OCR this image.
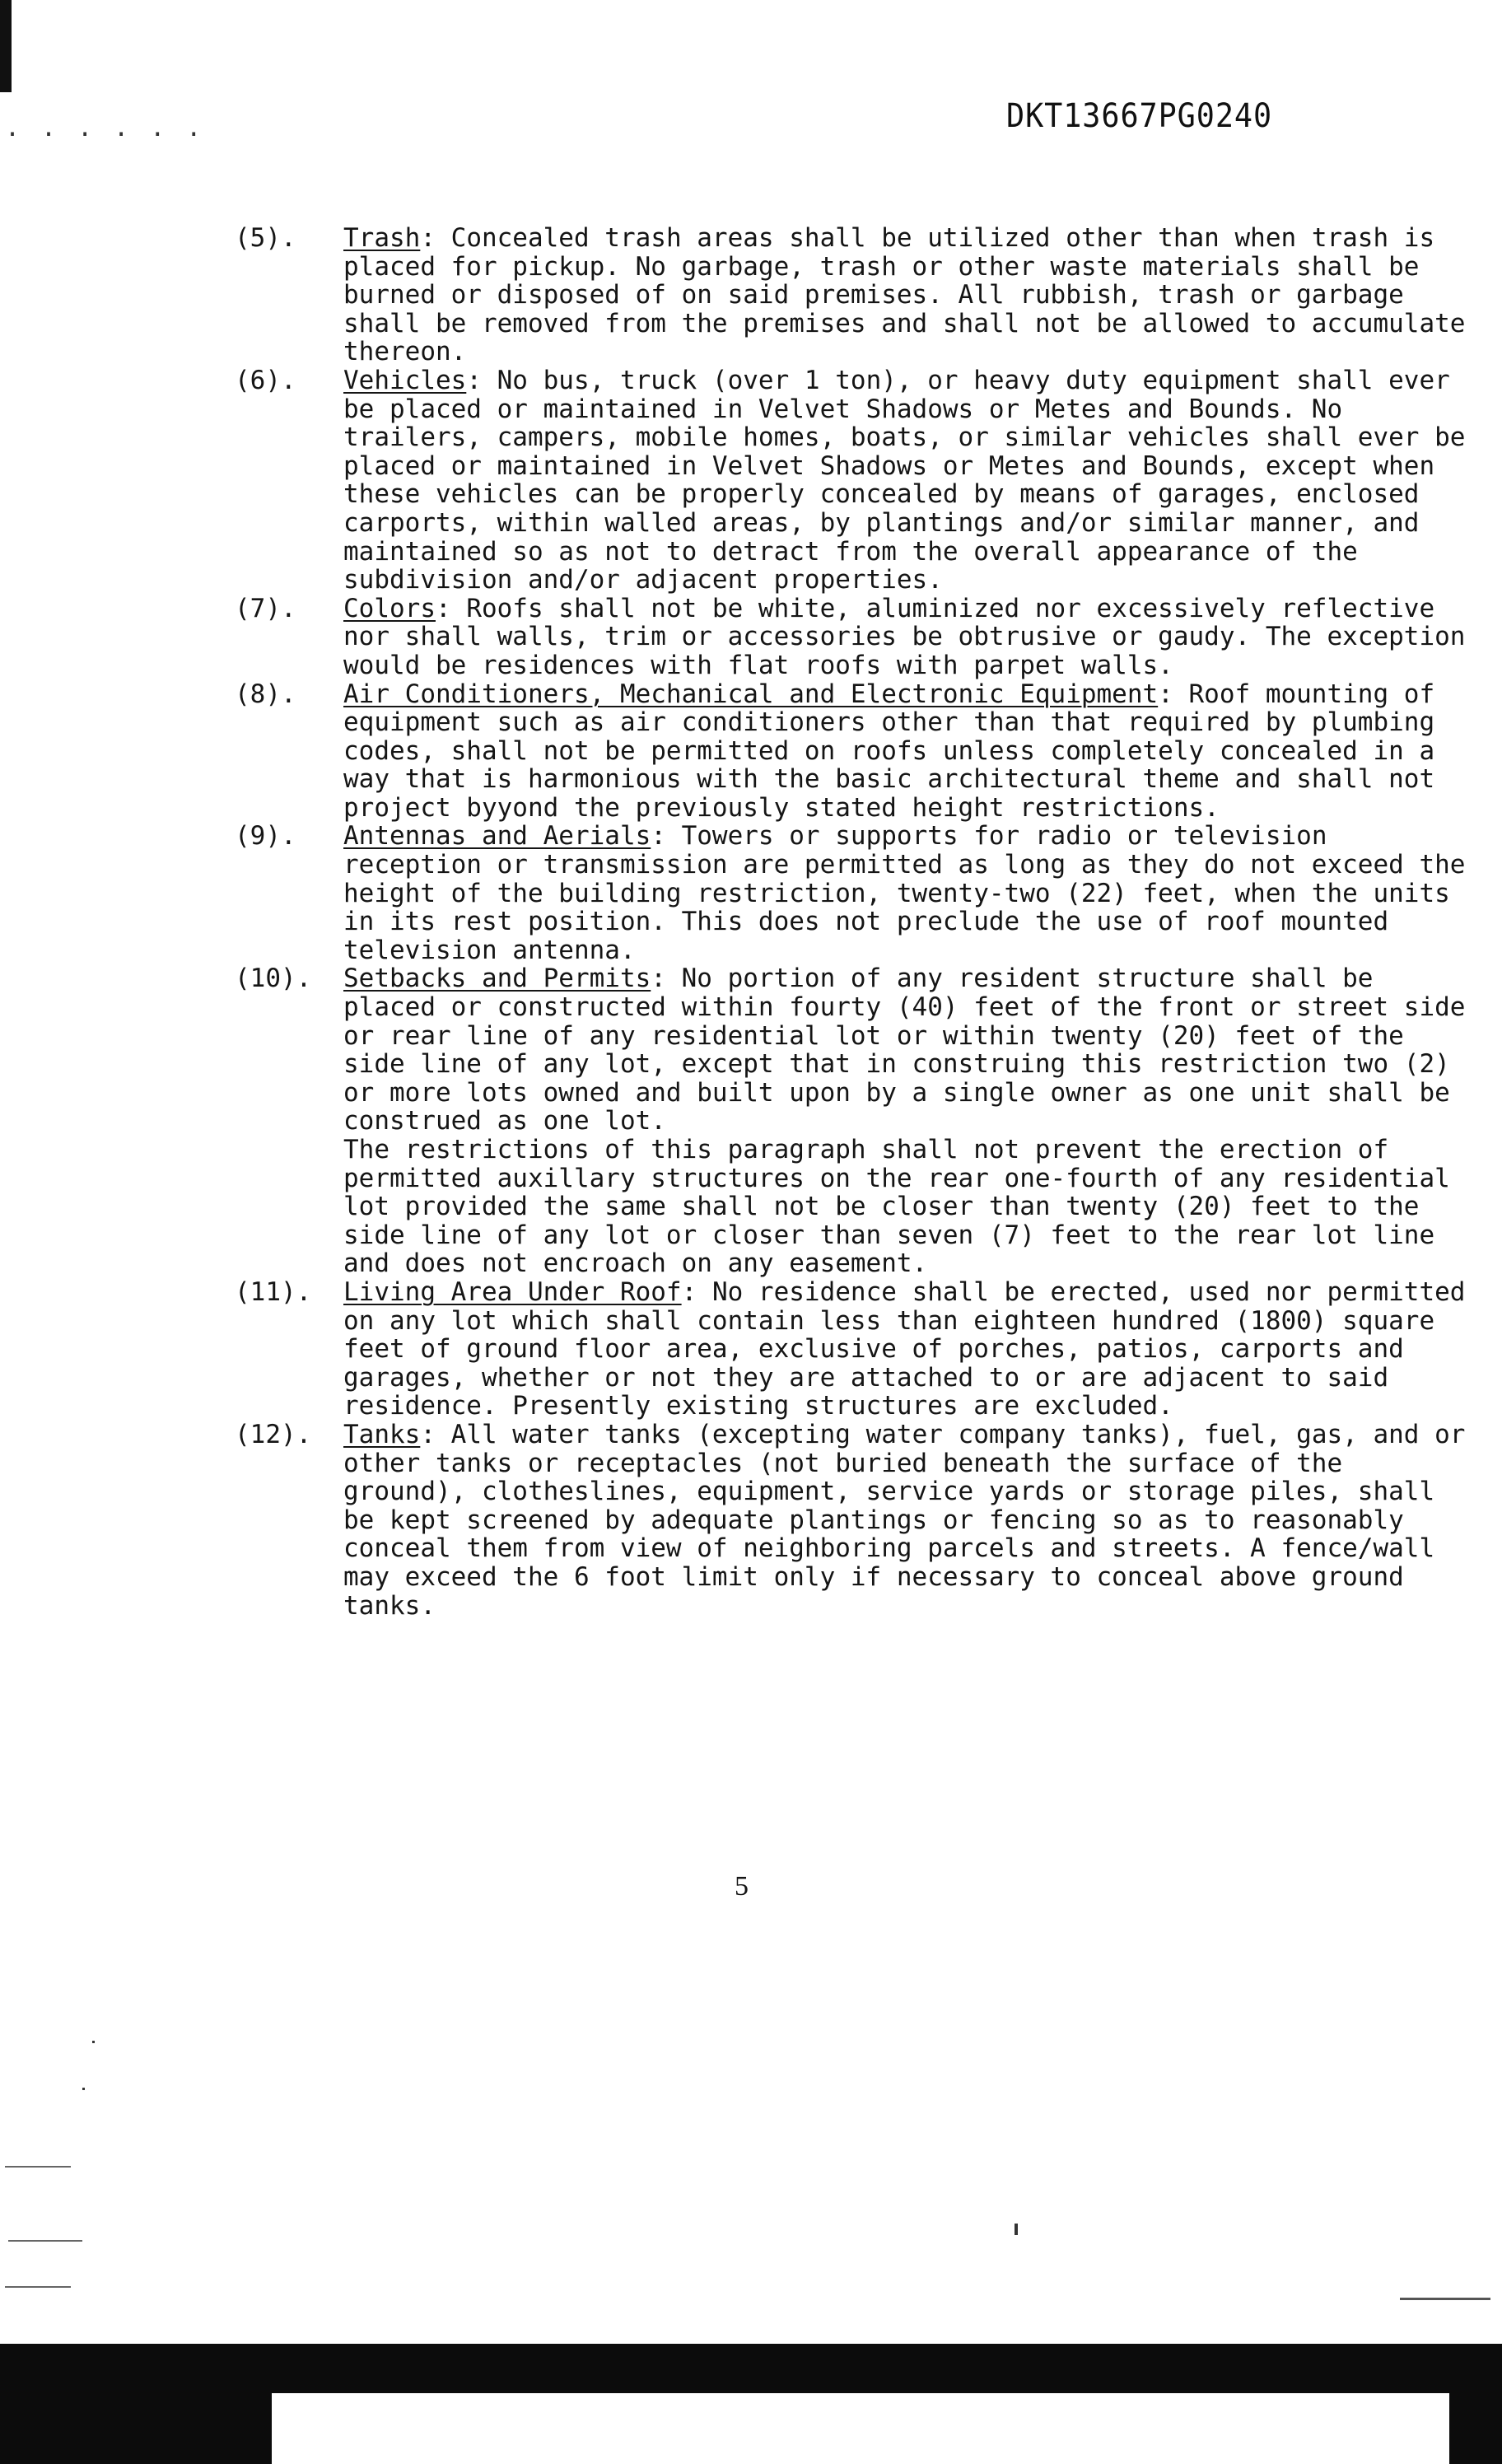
......	DKT13667PG0240
(5). Trash: Concealed trash areas shall be utilized other than when trash is placed for pickup. No garbage, trash or other waste materials shall be burned or disposed of on said premises. All rubbish, trash or garbage shall be removed from the premises and shall not be allowed to accumulate thereon.

(6). Vehicles: No bus, truck (over 1 ton), or heavy duty equipment shall ever be placed or maintained in Velvet Shadows or Metes and Bounds. No trailers, campers, mobile homes, boats, or similar vehicles shall ever be placed or maintained in Velvet Shadows or Metes and Bounds, except when these vehicles can be properly concealed by means of garages, enclosed carports, within walled areas, by plantings and/or similar manner, and maintained so as not to detract from the overall appearance of the subdivision and/or adjacent properties.

(7). Colors: Roofs shall not be white, aluminized nor excessively reflective nor shall walls, trim or accessories be obtrusive or gaudy. The exception would be residences with flat roofs with parpet walls.

(8). Air Conditioners, Mechanical and Electronic Equipment: Roof mounting of equipment such as air conditioners other than that required by plumbing codes, shall not be permitted on roofs unless completely concealed in a way that is harmonious with the basic architectural theme and shall not project byyond the previously stated height restrictions.

(9). Antennas and Aerials: Towers or supports for radio or television reception or transmission are permitted as long as they do not exceed the height of the building restriction, twenty-two (22) feet, when the units in its rest position. This does not preclude the use of roof mounted television antenna.

(10). Setbacks and Permits: No portion of any resident structure shall be placed or constructed within fourty (40) feet of the front or street side or rear line of any residential lot or within twenty (20) feet of the side line of any lot, except that in construing this restriction two (2) or more lots owned and built upon by a single owner as one unit shall be construed as one lot.

The restrictions of this paragraph shall not prevent the erection of permitted auxillary structures on the rear one-fourth of any residential lot provided the same shall not be closer than twenty (20) feet to the side line of any lot or closer than seven (7) feet to the rear lot line and does not encroach on any easement.

(11). Living Area Under Roof: No residence shall be erected, used nor permitted on any lot which shall contain less than eighteen hundred (1800) square feet of ground floor area, exclusive of porches, patios, carports and garages, whether or not they are attached to or are adjacent to said residence. Presently existing structures are excluded.

(12). Tanks: All water tanks (excepting water company tanks), fuel, gas, and or other tanks or receptacles (not buried beneath the surface of the ground), clotheslines, equipment, service yards or storage piles, shall be kept screened by adequate plantings or fencing so as to reasonably conceal them from view of neighboring parcels and streets. A fence/wall may exceed the 6 foot limit only if necessary to conceal above ground tanks.

5
